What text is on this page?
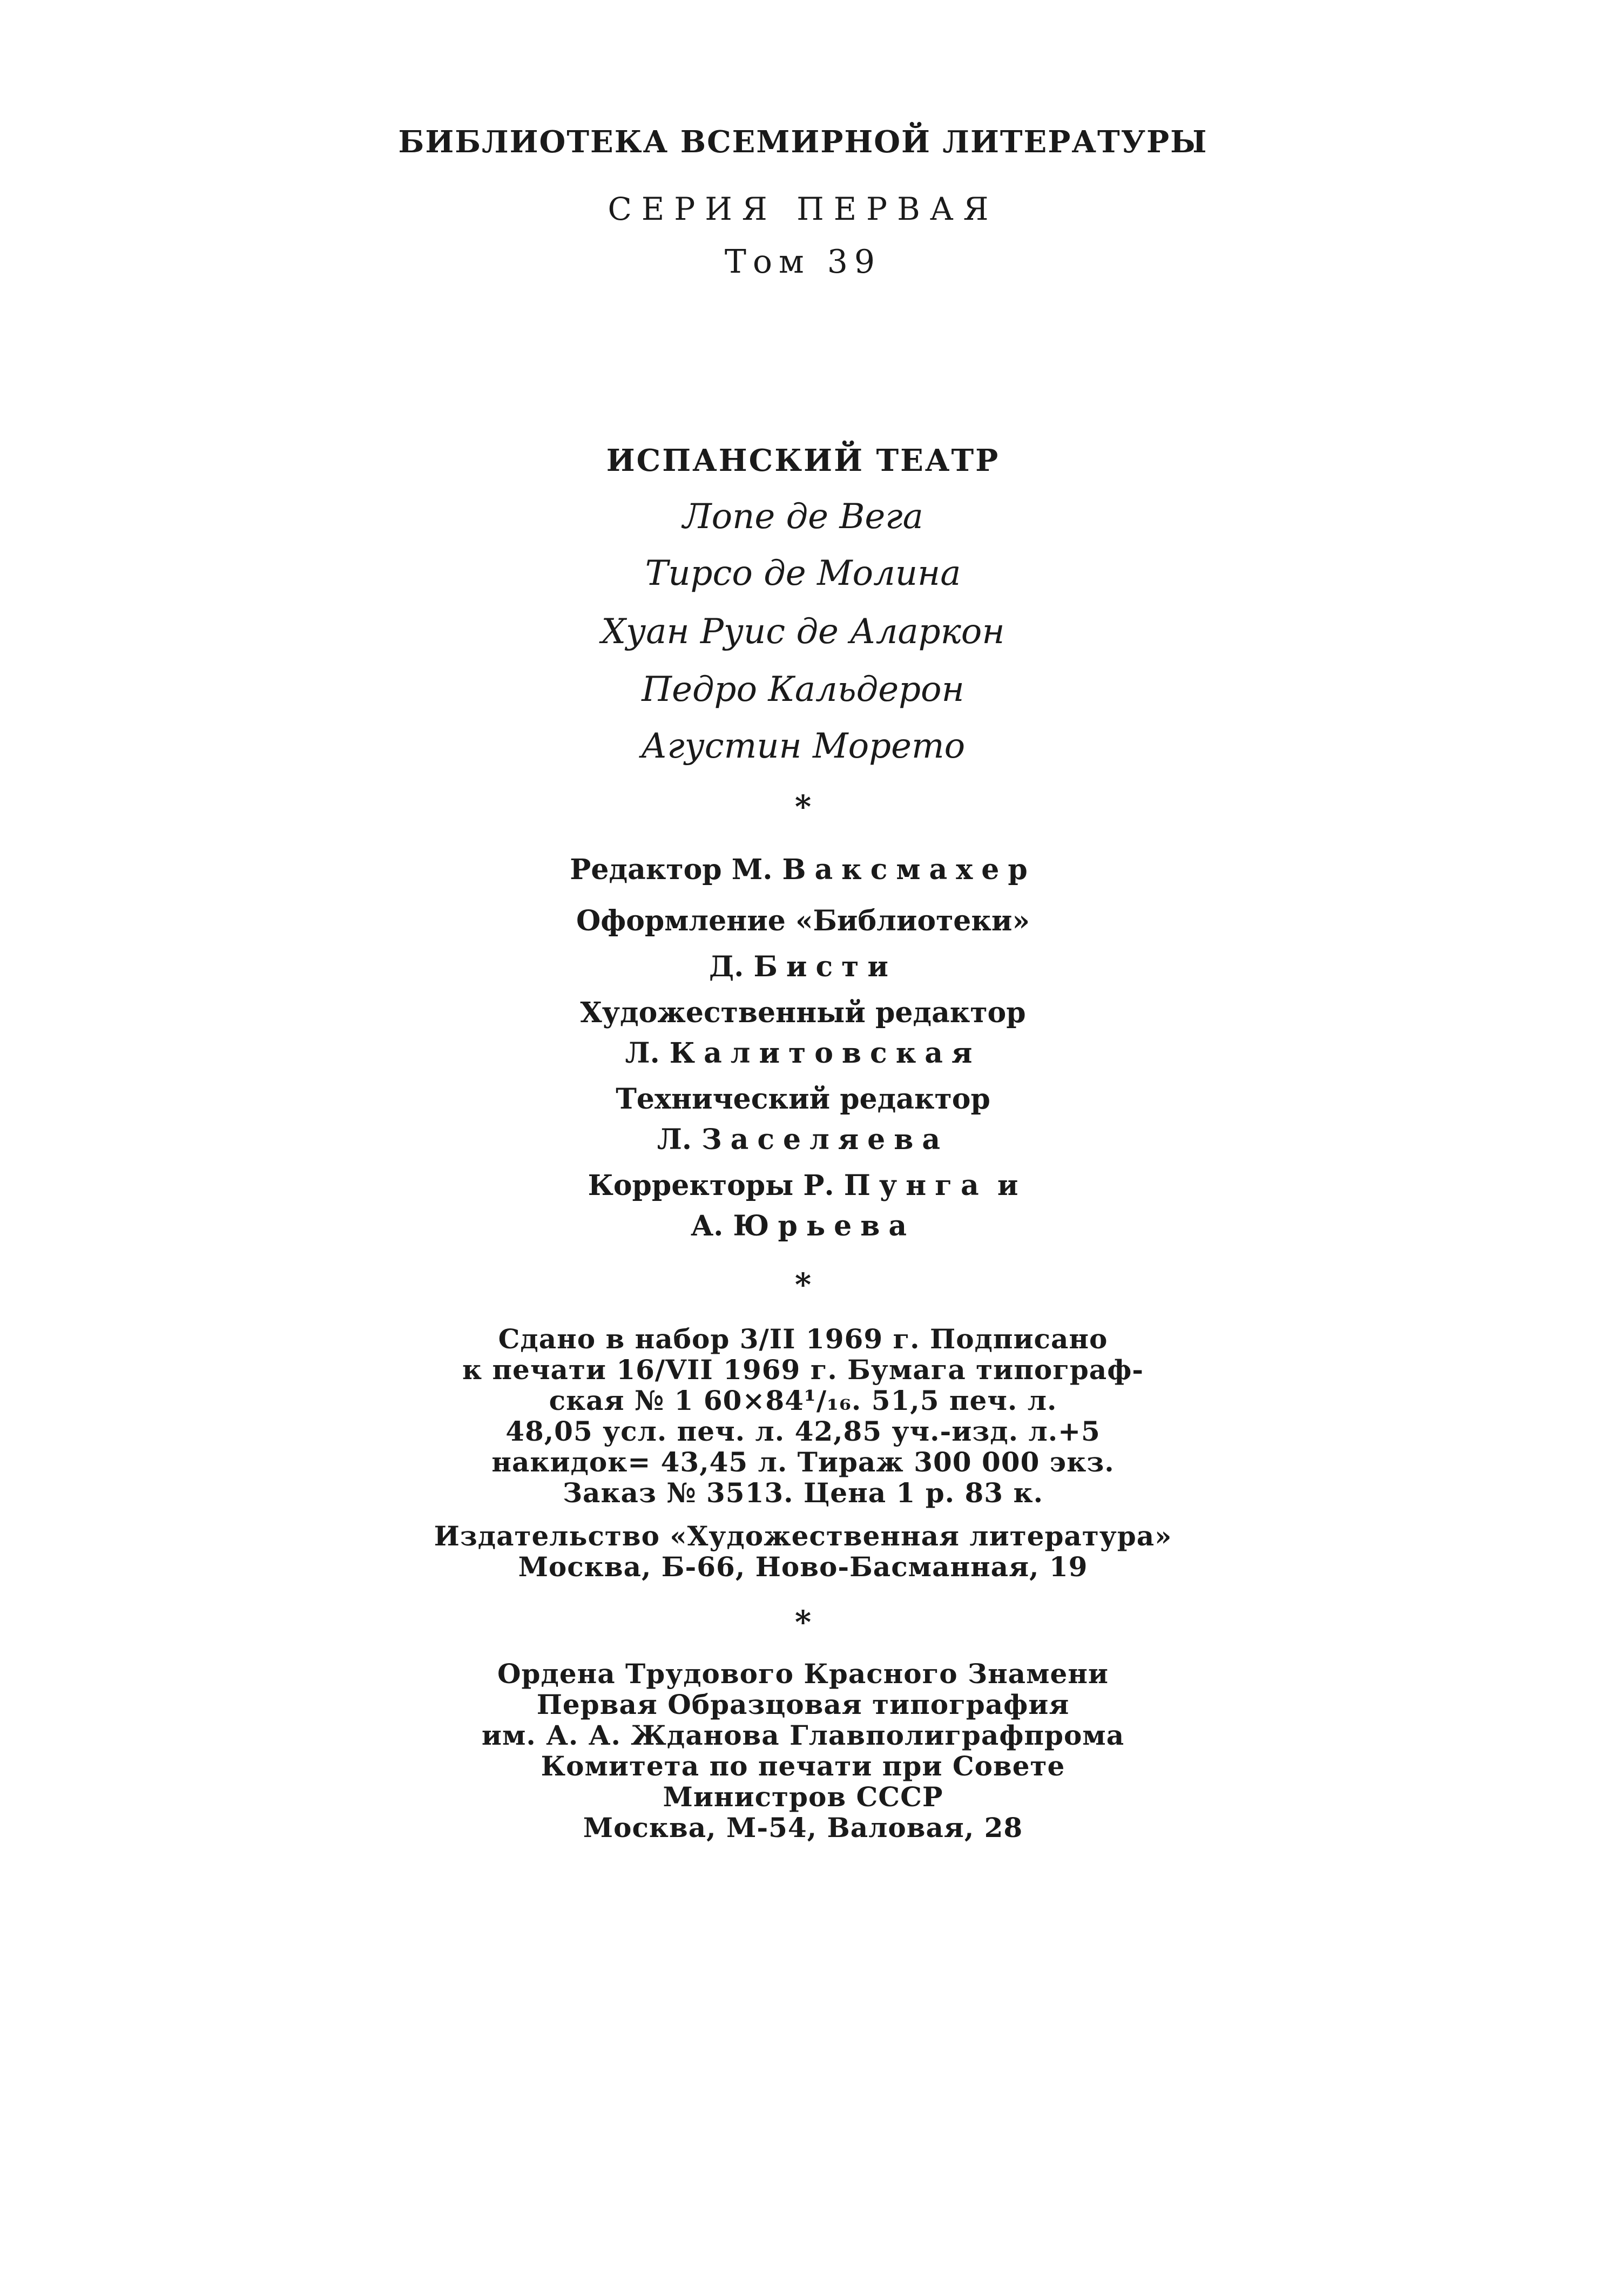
БИБЛИОТЕКА ВСЕМИРНОЙ ЛИТЕРАТУРЫ
СЕРИЯ ПЕРВАЯ
Том 39
ИСПАНСКИЙ ТЕАТР
Лопе де Вега
Тирсо де Молина
Хуан Руис де Аларкон
Педро Кальдерон
Агустин Морето
*
Редактор М. Ваксмахер
Оформление «Библиотеки»
Д. Бисти
Художественный редактор
Л. Калитовская
Технический редактор
Л. Заселяева
Корректоры Р. Пунга и
А. Юрьева
*
Сдано в набор 3/II 1969 г. Подписано
к печати 16/VII 1969 г. Бумага типограф-
ская № 1 60×84¹/₁₆. 51,5 печ. л.
48,05 усл. печ. л. 42,85 уч.-изд. л.+5
накидок= 43,45 л. Тираж 300 000 экз.
Заказ № 3513. Цена 1 р. 83 к.
Издательство «Художественная литература»
Москва, Б-66, Ново-Басманная, 19
*
Ордена Трудового Красного Знамени
Первая Образцовая типография
им. А. А. Жданова Главполиграфпрома
Комитета по печати при Совете
Министров СССР
Москва, М-54, Валовая, 28
